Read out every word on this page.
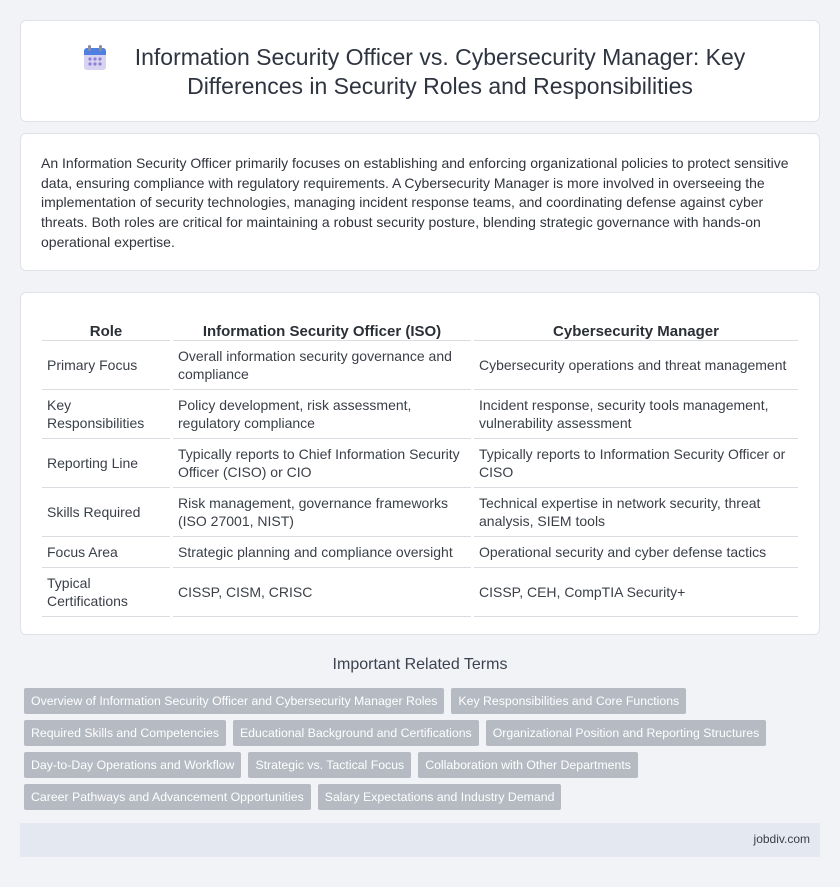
Information Security Officer vs. Cybersecurity Manager: Key Differences in Security Roles and Responsibilities

An Information Security Officer primarily focuses on establishing and enforcing organizational policies to protect sensitive data, ensuring compliance with regulatory requirements. A Cybersecurity Manager is more involved in overseeing the implementation of security technologies, managing incident response teams, and coordinating defense against cyber threats. Both roles are critical for maintaining a robust security posture, blending strategic governance with hands-on operational expertise.

Role	Information Security Officer (ISO)	Cybersecurity Manager
Primary Focus	Overall information security governance and compliance	Cybersecurity operations and threat management
Key Responsibilities	Policy development, risk assessment, regulatory compliance	Incident response, security tools management, vulnerability assessment
Reporting Line	Typically reports to Chief Information Security Officer (CISO) or CIO	Typically reports to Information Security Officer or CISO
Skills Required	Risk management, governance frameworks (ISO 27001, NIST)	Technical expertise in network security, threat analysis, SIEM tools
Focus Area	Strategic planning and compliance oversight	Operational security and cyber defense tactics
Typical Certifications	CISSP, CISM, CRISC	CISSP, CEH, CompTIA Security+
Important Related Terms
Overview of Information Security Officer and Cybersecurity Manager Roles	Key Responsibilities and Core Functions
Required Skills and Competencies	Educational Background and Certifications	Organizational Position and Reporting Structures
Day-to-Day Operations and Workflow	Strategic vs. Tactical Focus	Collaboration with Other Departments
Career Pathways and Advancement Opportunities	Salary Expectations and Industry Demand
jobdiv.com
